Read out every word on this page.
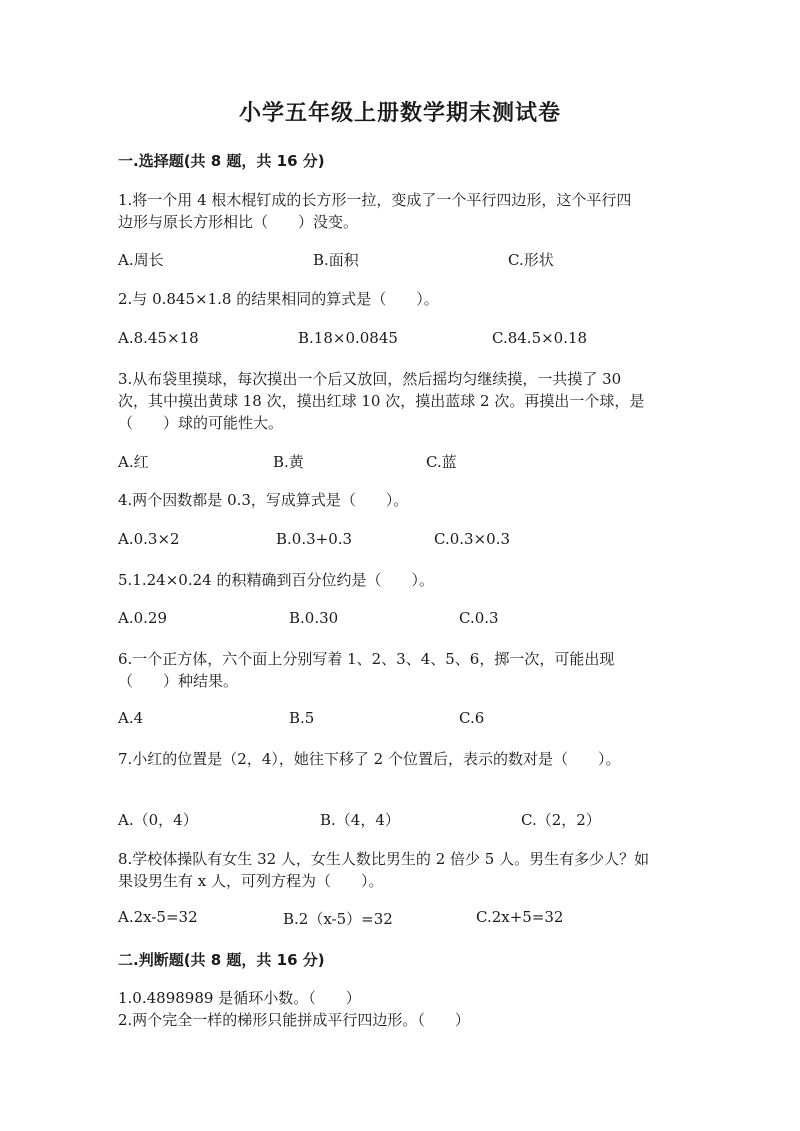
小学五年级上册数学期末测试卷
一.选择题(共 8 题，共 16 分)
1.将一个用 4 根木棍钉成的长方形一拉，变成了一个平行四边形，这个平行四
边形与原长方形相比（　　）没变。
A.周长	B.面积	C.形状
2.与 0.845×1.8 的结果相同的算式是（　　）。
A.8.45×18	B.18×0.0845	C.84.5×0.18
3.从布袋里摸球，每次摸出一个后又放回，然后摇均匀继续摸，一共摸了 30
次，其中摸出黄球 18 次，摸出红球 10 次，摸出蓝球 2 次。再摸出一个球，是
（　　）球的可能性大。
A.红	B.黄	C.蓝
4.两个因数都是 0.3，写成算式是（　　）。
A.0.3×2	B.0.3+0.3	C.0.3×0.3
5.1.24×0.24 的积精确到百分位约是（　　）。
A.0.29	B.0.30	C.0.3
6.一个正方体，六个面上分别写着 1、2、3、4、5、6，掷一次，可能出现
（　　）种结果。
A.4	B.5	C.6
7.小红的位置是（2，4），她往下移了 2 个位置后，表示的数对是（　　）。
A.（0，4）	B.（4，4）	C.（2，2）
8.学校体操队有女生 32 人，女生人数比男生的 2 倍少 5 人。男生有多少人？如
果设男生有 x 人，可列方程为（　　）。
A.2x-5=32	B.2（x-5）=32	C.2x+5=32
二.判断题(共 8 题，共 16 分)
1.0.4898989 是循环小数。（　　）
2.两个完全一样的梯形只能拼成平行四边形。（　　）
